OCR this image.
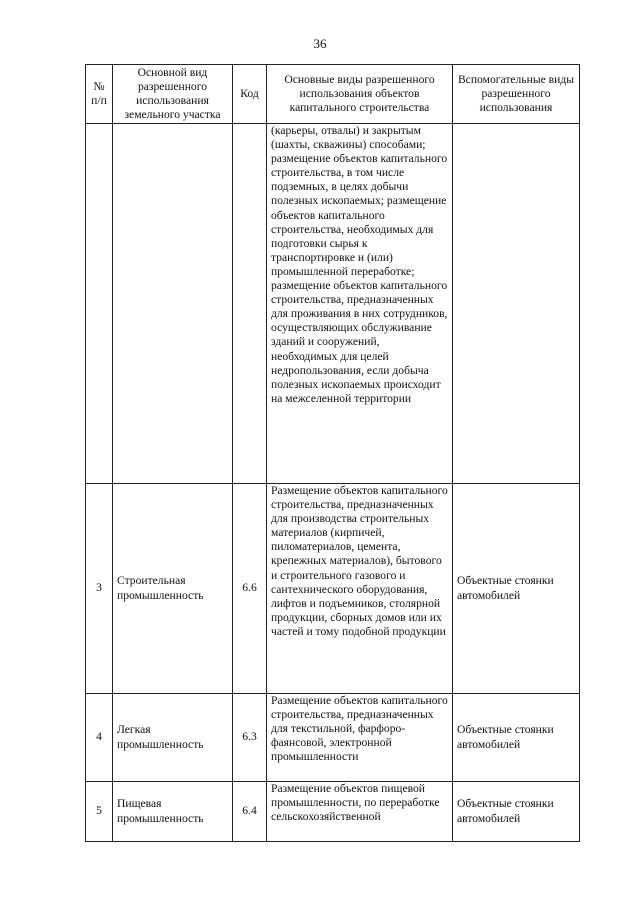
36
№ п/п	Основной вид разрешенного использования земельного участка	Код	Основные виды разрешенного использования объектов капитального строительства	Вспомогательные виды разрешенного использования
			(карьеры, отвалы) и закрытым (шахты, скважины) способами; размещение объектов капитального строительства, в том числе подземных, в целях добычи полезных ископаемых; размещение объектов капитального строительства, необходимых для подготовки сырья к транспортировке и (или) промышленной переработке; размещение объектов капитального строительства, предназначенных для проживания в них сотрудников, осуществляющих обслуживание зданий и сооружений, необходимых для целей недропользования, если добыча полезных ископаемых происходит на межселенной территории	
3	Строительная промышленность	6.6	Размещение объектов капитального строительства, предназначенных для производства строительных материалов (кирпичей, пиломатериалов, цемента, крепежных материалов), бытового и строительного газового и сантехнического оборудования, лифтов и подъемников, столярной продукции, сборных домов или их частей и тому подобной продукции	Объектные стоянки автомобилей
4	Легкая промышленность	6.3	Размещение объектов капитального строительства, предназначенных для текстильной, фарфоро-фаянсовой, электронной промышленности	Объектные стоянки автомобилей
5	Пищевая промышленность	6.4	Размещение объектов пищевой промышленности, по переработке сельскохозяйственной	Объектные стоянки автомобилей
